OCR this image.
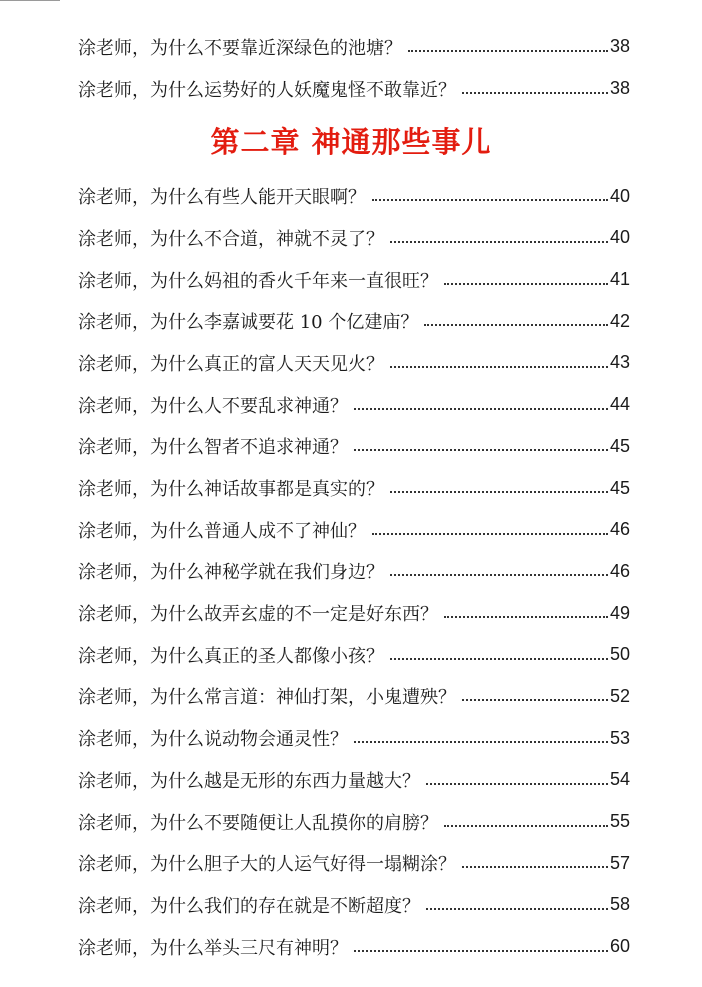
涂老师，为什么不要靠近深绿色的池塘？	38
涂老师，为什么运势好的人妖魔鬼怪不敢靠近？	38
第二章 神通那些事儿
涂老师，为什么有些人能开天眼啊？	40
涂老师，为什么不合道，神就不灵了？	40
涂老师，为什么妈祖的香火千年来一直很旺？	41
涂老师，为什么李嘉诚要花 10 个亿建庙？	42
涂老师，为什么真正的富人天天见火？	43
涂老师，为什么人不要乱求神通？	44
涂老师，为什么智者不追求神通？	45
涂老师，为什么神话故事都是真实的？	45
涂老师，为什么普通人成不了神仙？	46
涂老师，为什么神秘学就在我们身边？	46
涂老师，为什么故弄玄虚的不一定是好东西？	49
涂老师，为什么真正的圣人都像小孩？	50
涂老师，为什么常言道：神仙打架，小鬼遭殃？	52
涂老师，为什么说动物会通灵性？	53
涂老师，为什么越是无形的东西力量越大？	54
涂老师，为什么不要随便让人乱摸你的肩膀？	55
涂老师，为什么胆子大的人运气好得一塌糊涂？	57
涂老师，为什么我们的存在就是不断超度？	58
涂老师，为什么举头三尺有神明？	60
